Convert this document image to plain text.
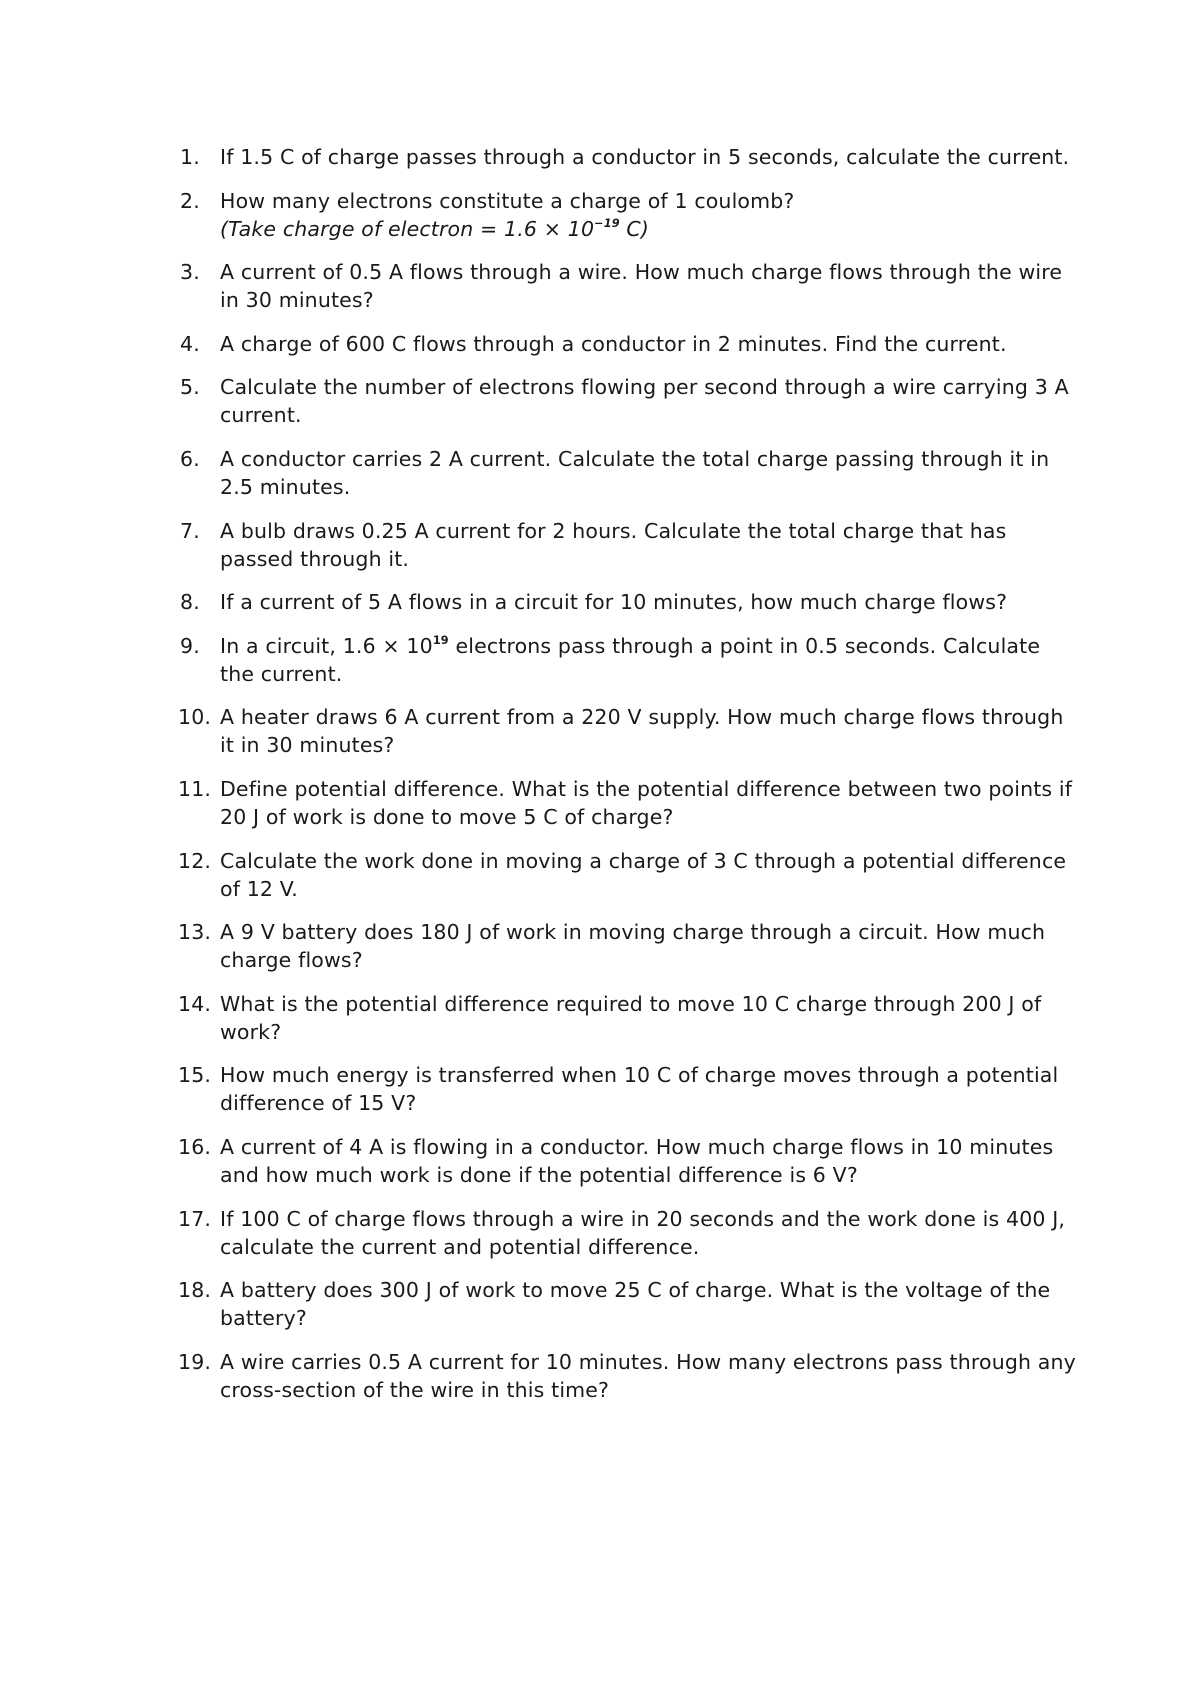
1. If 1.5 C of charge passes through a conductor in 5 seconds, calculate the current.
2. How many electrons constitute a charge of 1 coulomb?
(Take charge of electron = $1.6 \times 10^{-19}$ C)
3. A current of 0.5 A flows through a wire. How much charge flows through the wire in 30 minutes?
4. A charge of 600 C flows through a conductor in 2 minutes. Find the current.
5. Calculate the number of electrons flowing per second through a wire carrying 3 A current.
6. A conductor carries 2 A current. Calculate the total charge passing through it in 2.5 minutes.
7. A bulb draws 0.25 A current for 2 hours. Calculate the total charge that has passed through it.
8. If a current of 5 A flows in a circuit for 10 minutes, how much charge flows?
9. In a circuit, $1.6 \times 10^{19}$ electrons pass through a point in 0.5 seconds. Calculate the current.
10. A heater draws 6 A current from a 220 V supply. How much charge flows through it in 30 minutes?
11. Define potential difference. What is the potential difference between two points if 20 J of work is done to move 5 C of charge?
12. Calculate the work done in moving a charge of 3 C through a potential difference of 12 V.
13. A 9 V battery does 180 J of work in moving charge through a circuit. How much charge flows?
14. What is the potential difference required to move 10 C charge through 200 J of work?
15. How much energy is transferred when 10 C of charge moves through a potential difference of 15 V?
16. A current of 4 A is flowing in a conductor. How much charge flows in 10 minutes and how much work is done if the potential difference is 6 V?
17. If 100 C of charge flows through a wire in 20 seconds and the work done is 400 J, calculate the current and potential difference.
18. A battery does 300 J of work to move 25 C of charge. What is the voltage of the battery?
19. A wire carries 0.5 A current for 10 minutes. How many electrons pass through any cross-section of the wire in this time?
